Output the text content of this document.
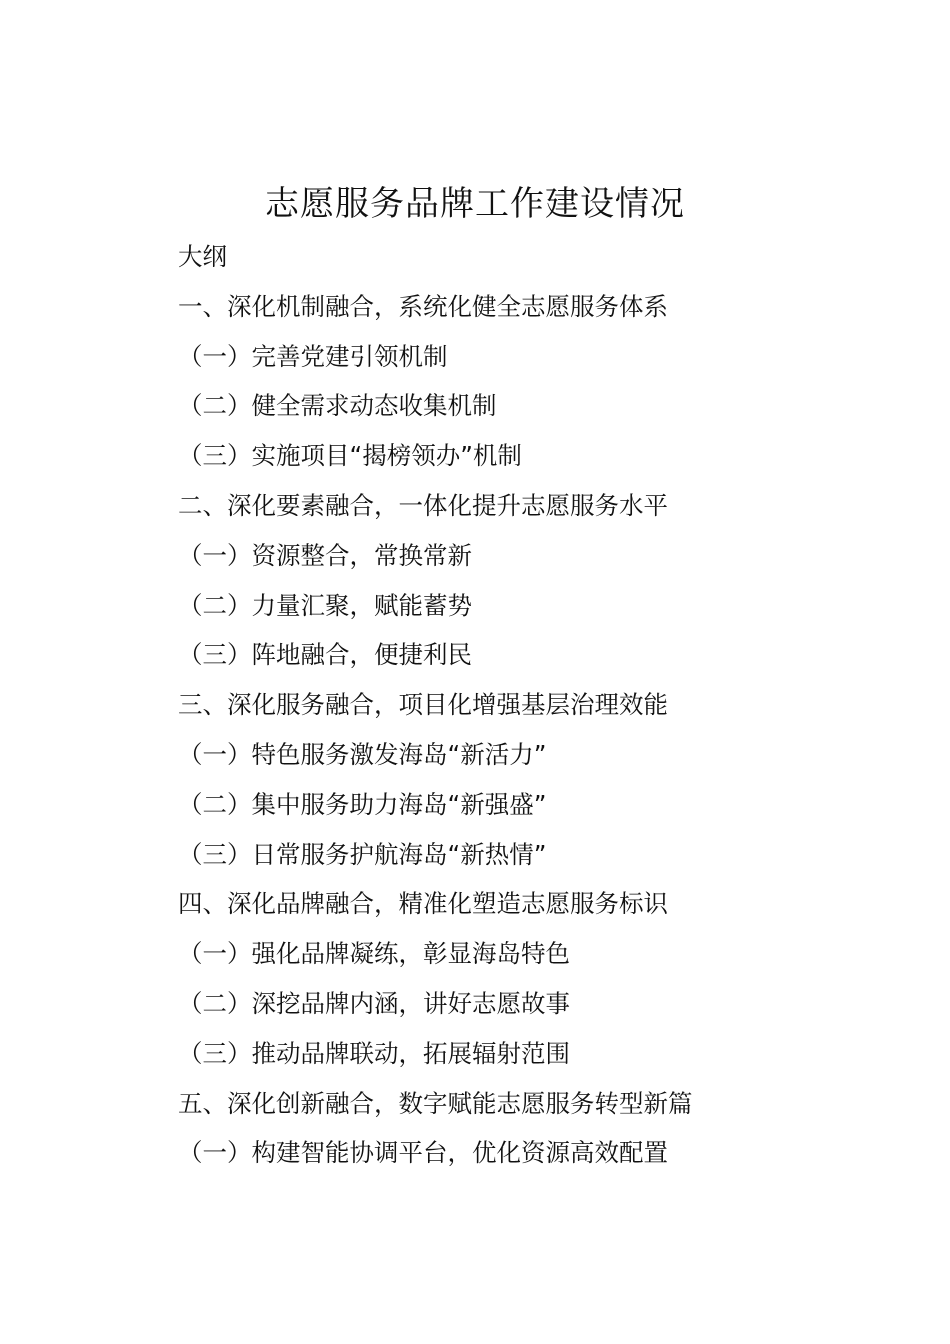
志愿服务品牌工作建设情况
大纲
一、深化机制融合，系统化健全志愿服务体系
（一）完善党建引领机制
（二）健全需求动态收集机制
（三）实施项目“揭榜领办”机制
二、深化要素融合，一体化提升志愿服务水平
（一）资源整合，常换常新
（二）力量汇聚，赋能蓄势
（三）阵地融合，便捷利民
三、深化服务融合，项目化增强基层治理效能
（一）特色服务激发海岛“新活力”
（二）集中服务助力海岛“新强盛”
（三）日常服务护航海岛“新热情”
四、深化品牌融合，精准化塑造志愿服务标识
（一）强化品牌凝练，彰显海岛特色
（二）深挖品牌内涵，讲好志愿故事
（三）推动品牌联动，拓展辐射范围
五、深化创新融合，数字赋能志愿服务转型新篇
（一）构建智能协调平台，优化资源高效配置
